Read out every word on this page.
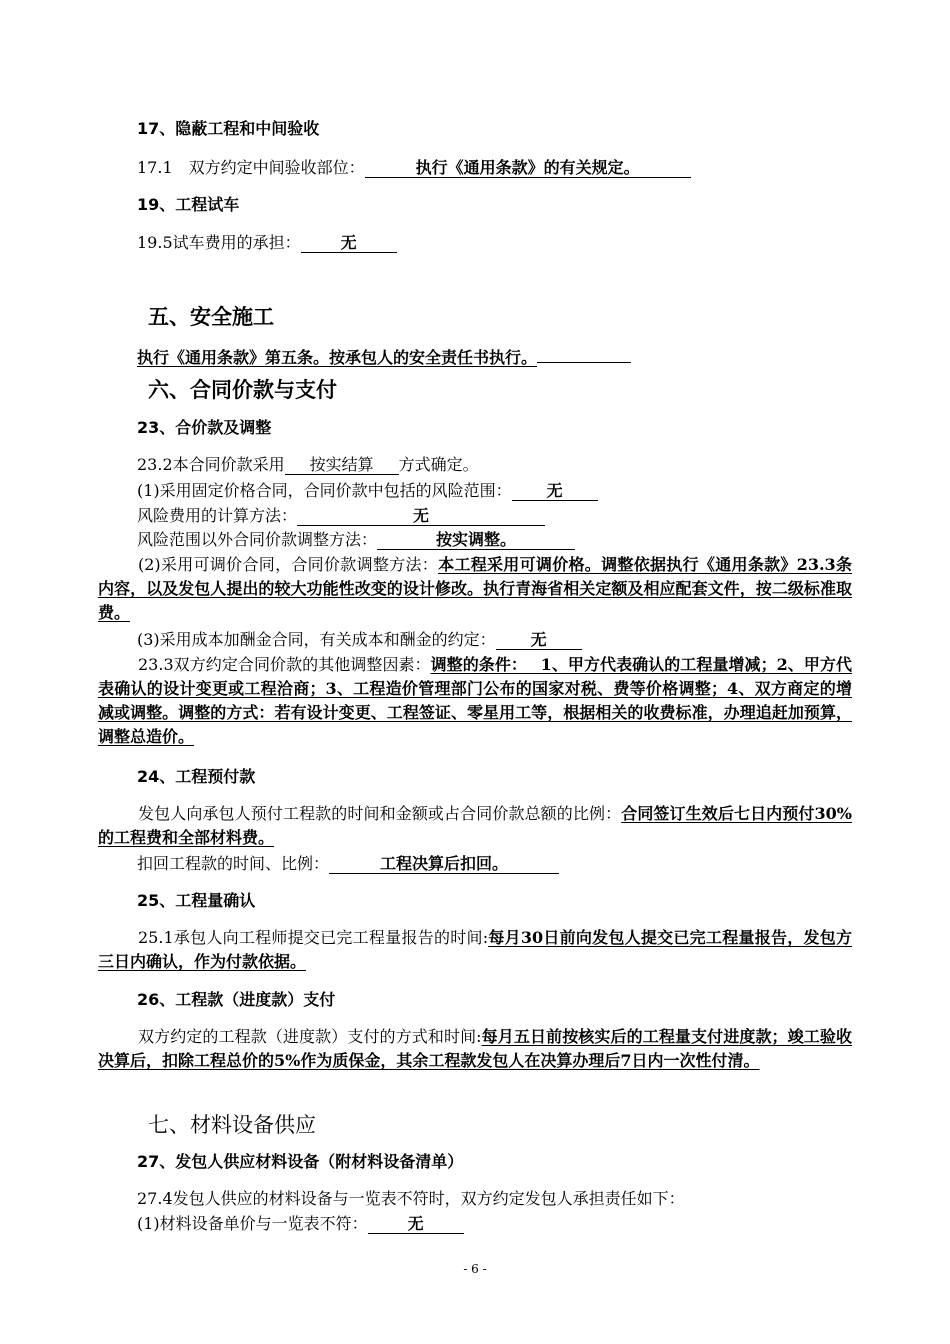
17、隐蔽工程和中间验收
17.1　双方约定中间验收部位：	执行《通用条款》的有关规定。
19、工程试车
19.5试车费用的承担： 无
五、安全施工
执行《通用条款》第五条。按承包人的安全责任书执行。
六、合同价款与支付
23、合价款及调整
23.2本合同价款采用 按实结算 方式确定。
(1)采用固定价格合同，合同价款中包括的风险范围： 无
风险费用的计算方法：	无
风险范围以外合同价款调整方法：	按实调整。
(2)采用可调价合同，合同价款调整方法：本工程采用可调价格。调整依据执行《通用条款》23.3条内容，以及发包人提出的较大功能性改变的设计修改。执行青海省相关定额及相应配套文件，按二级标准取费。
(3)采用成本加酬金合同，有关成本和酬金的约定： 无
23.3双方约定合同价款的其他调整因素：调整的条件：　 1、甲方代表确认的工程量增减；2、甲方代表确认的设计变更或工程洽商；3、工程造价管理部门公布的国家对税、费等价格调整；4、双方商定的增减或调整。调整的方式：若有设计变更、工程签证、零星用工等，根据相关的收费标准，办理追赶加预算，调整总造价。
24、工程预付款
发包人向承包人预付工程款的时间和金额或占合同价款总额的比例：合同签订生效后七日内预付30%的工程费和全部材料费。
扣回工程款的时间、比例：	工程决算后扣回。
25、工程量确认
25.1承包人向工程师提交已完工程量报告的时间:每月30日前向发包人提交已完工程量报告，发包方三日内确认，作为付款依据。
26、工程款（进度款）支付
双方约定的工程款（进度款）支付的方式和时间:每月五日前按核实后的工程量支付进度款；竣工验收决算后，扣除工程总价的5%作为质保金，其余工程款发包人在决算办理后7日内一次性付清。
七、材料设备供应
27、发包人供应材料设备（附材料设备清单）
27.4发包人供应的材料设备与一览表不符时，双方约定发包人承担责任如下：
(1)材料设备单价与一览表不符： 无
- 6 -
